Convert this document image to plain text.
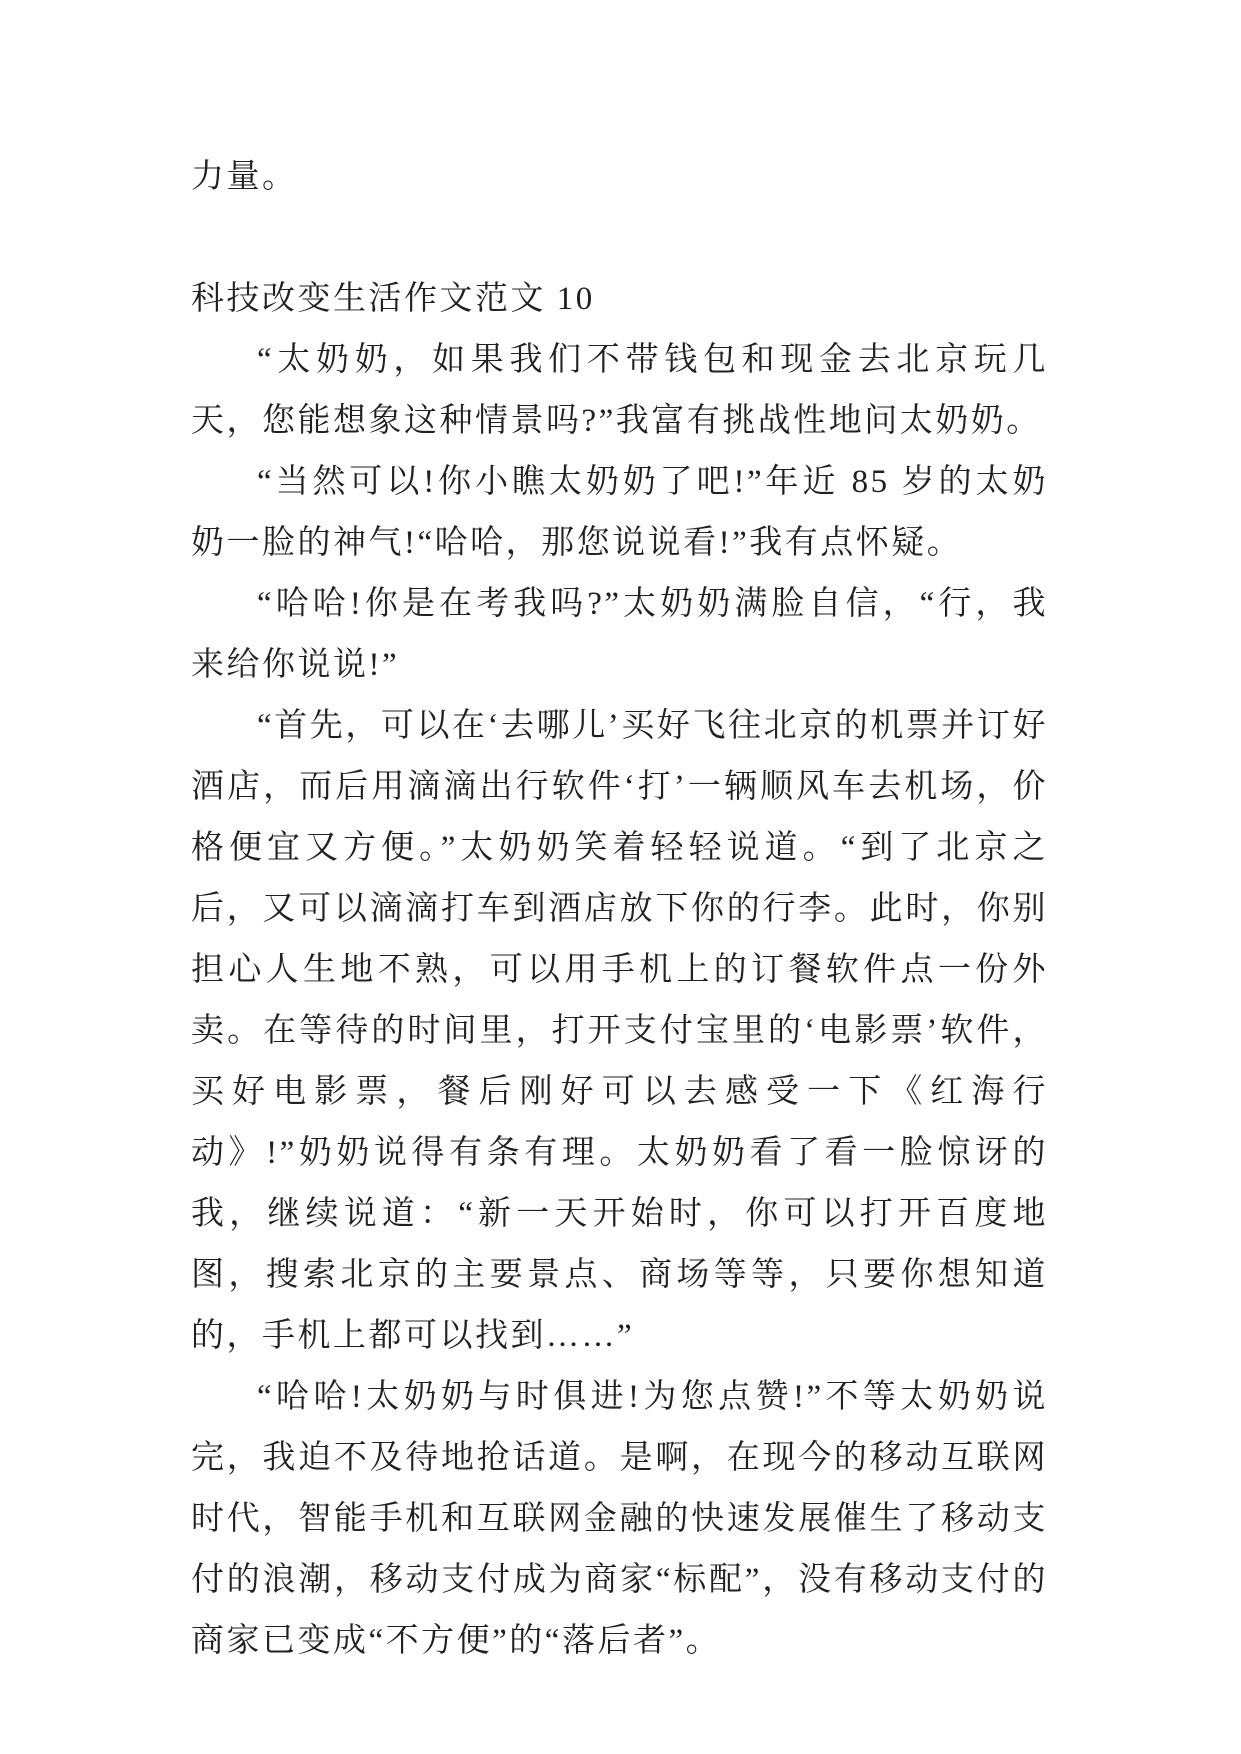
力量。

科技改变生活作文范文 10

“太奶奶，如果我们不带钱包和现金去北京玩几天，您能想象这种情景吗?”我富有挑战性地问太奶奶。

“当然可以!你小瞧太奶奶了吧!”年近 85 岁的太奶奶一脸的神气!“哈哈，那您说说看!”我有点怀疑。

“哈哈!你是在考我吗?”太奶奶满脸自信，“行，我来给你说说!”

“首先，可以在‘去哪儿’买好飞往北京的机票并订好酒店，而后用滴滴出行软件‘打’一辆顺风车去机场，价格便宜又方便。”太奶奶笑着轻轻说道。“到了北京之后，又可以滴滴打车到酒店放下你的行李。此时，你别担心人生地不熟，可以用手机上的订餐软件点一份外卖。在等待的时间里，打开支付宝里的‘电影票’软件，买好电影票，餐后刚好可以去感受一下《红海行动》!”奶奶说得有条有理。太奶奶看了看一脸惊讶的我，继续说道：“新一天开始时，你可以打开百度地图，搜索北京的主要景点、商场等等，只要你想知道的，手机上都可以找到……”

“哈哈!太奶奶与时俱进!为您点赞!”不等太奶奶说完，我迫不及待地抢话道。是啊，在现今的移动互联网时代，智能手机和互联网金融的快速发展催生了移动支付的浪潮，移动支付成为商家“标配”，没有移动支付的商家已变成“不方便”的“落后者”。
